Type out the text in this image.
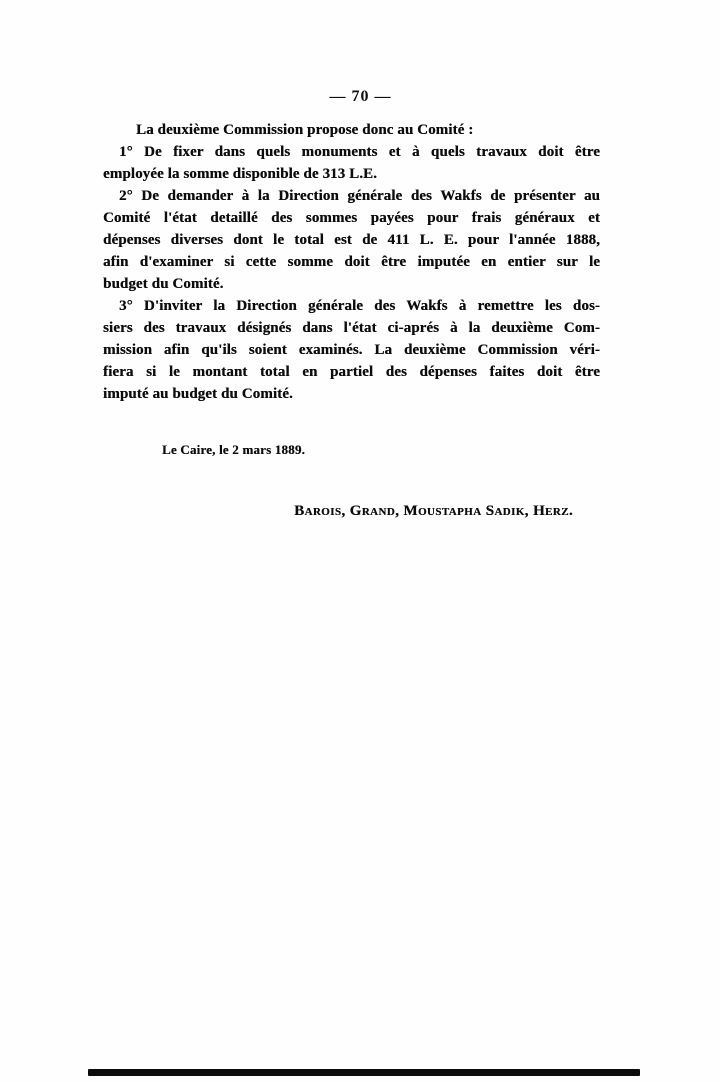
— 70 —
La deuxième Commission propose donc au Comité :
1° De fixer dans quels monuments et à quels travaux doit être
employée la somme disponible de 313 L.E.
2° De demander à la Direction générale des Wakfs de présenter au
Comité l'état detaillé des sommes payées pour frais généraux et
dépenses diverses dont le total est de 411 L. E. pour l'année 1888,
afin d'examiner si cette somme doit être imputée en entier sur le
budget du Comité.
3° D'inviter la Direction générale des Wakfs à remettre les dos-
siers des travaux désignés dans l'état ci-aprés à la deuxième Com-
mission afin qu'ils soient examinés. La deuxième Commission véri-
fiera si le montant total en partiel des dépenses faites doit être
imputé au budget du Comité.
Le Caire, le 2 mars 1889.
Barois, Grand, Moustapha Sadik, Herz.
